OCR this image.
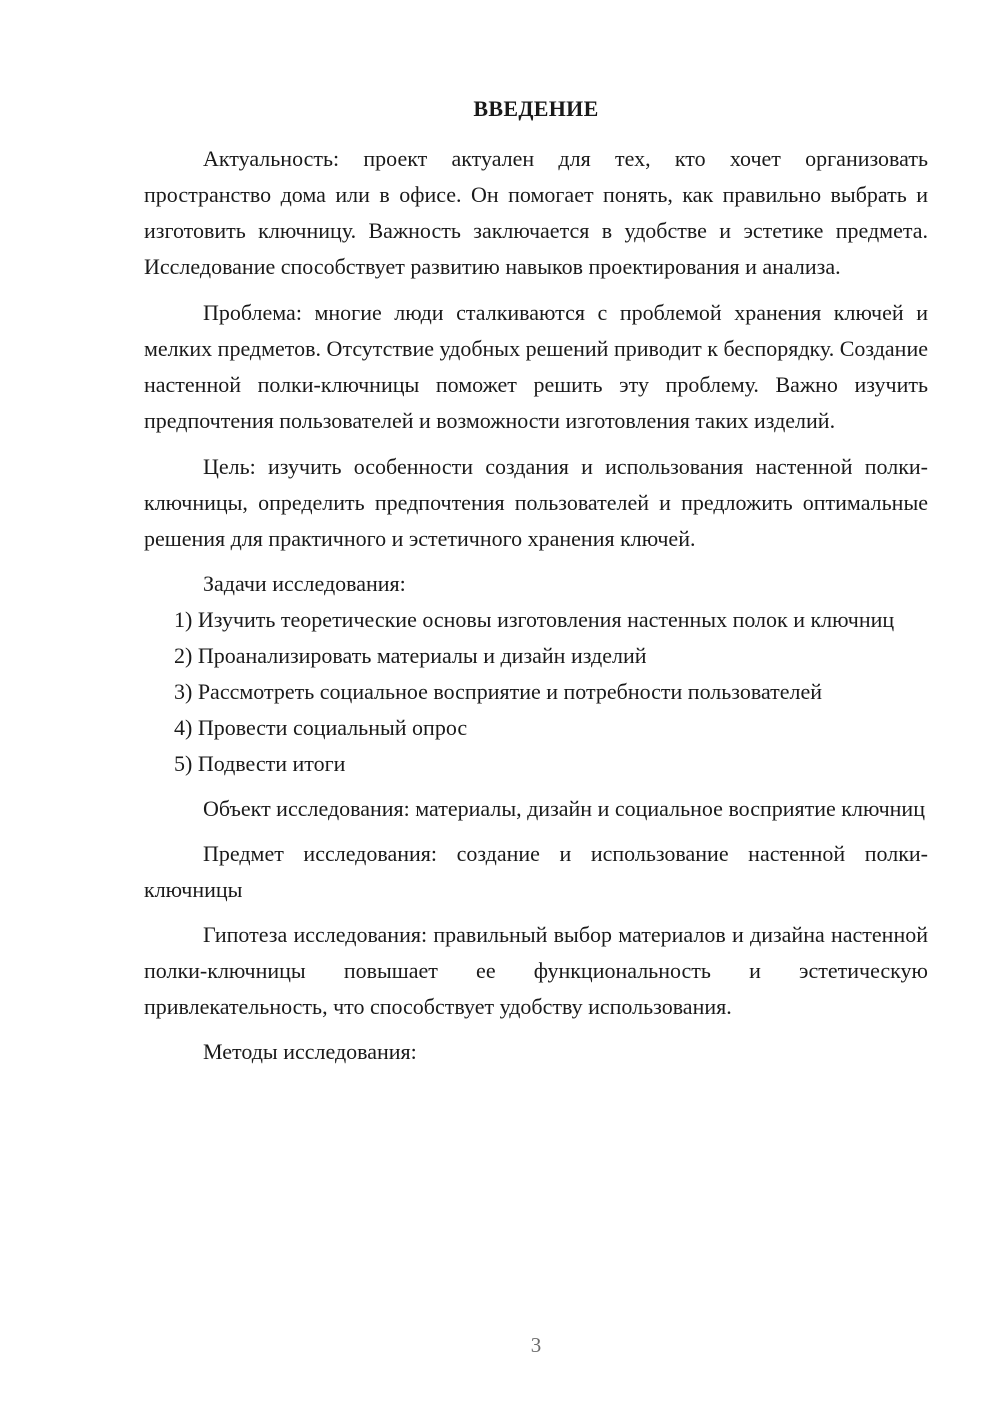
ВВЕДЕНИЕ

Актуальность: проект актуален для тех, кто хочет организовать пространство дома или в офисе. Он помогает понять, как правильно выбрать и изготовить ключницу. Важность заключается в удобстве и эстетике предмета. Исследование способствует развитию навыков проектирования и анализа.

Проблема: многие люди сталкиваются с проблемой хранения ключей и мелких предметов. Отсутствие удобных решений приводит к беспорядку. Создание настенной полки-ключницы поможет решить эту проблему. Важно изучить предпочтения пользователей и возможности изготовления таких изделий.

Цель: изучить особенности создания и использования настенной полки-ключницы, определить предпочтения пользователей и предложить оптимальные решения для практичного и эстетичного хранения ключей.

Задачи исследования:

1) Изучить теоретические основы изготовления настенных полок и ключниц

2) Проанализировать материалы и дизайн изделий

3) Рассмотреть социальное восприятие и потребности пользователей

4) Провести социальный опрос

5) Подвести итоги

Объект исследования: материалы, дизайн и социальное восприятие ключниц

Предмет исследования: создание и использование настенной полки-ключницы

Гипотеза исследования: правильный выбор материалов и дизайна настенной полки-ключницы повышает ее функциональность и эстетическую привлекательность, что способствует удобству использования.

Методы исследования:

3
